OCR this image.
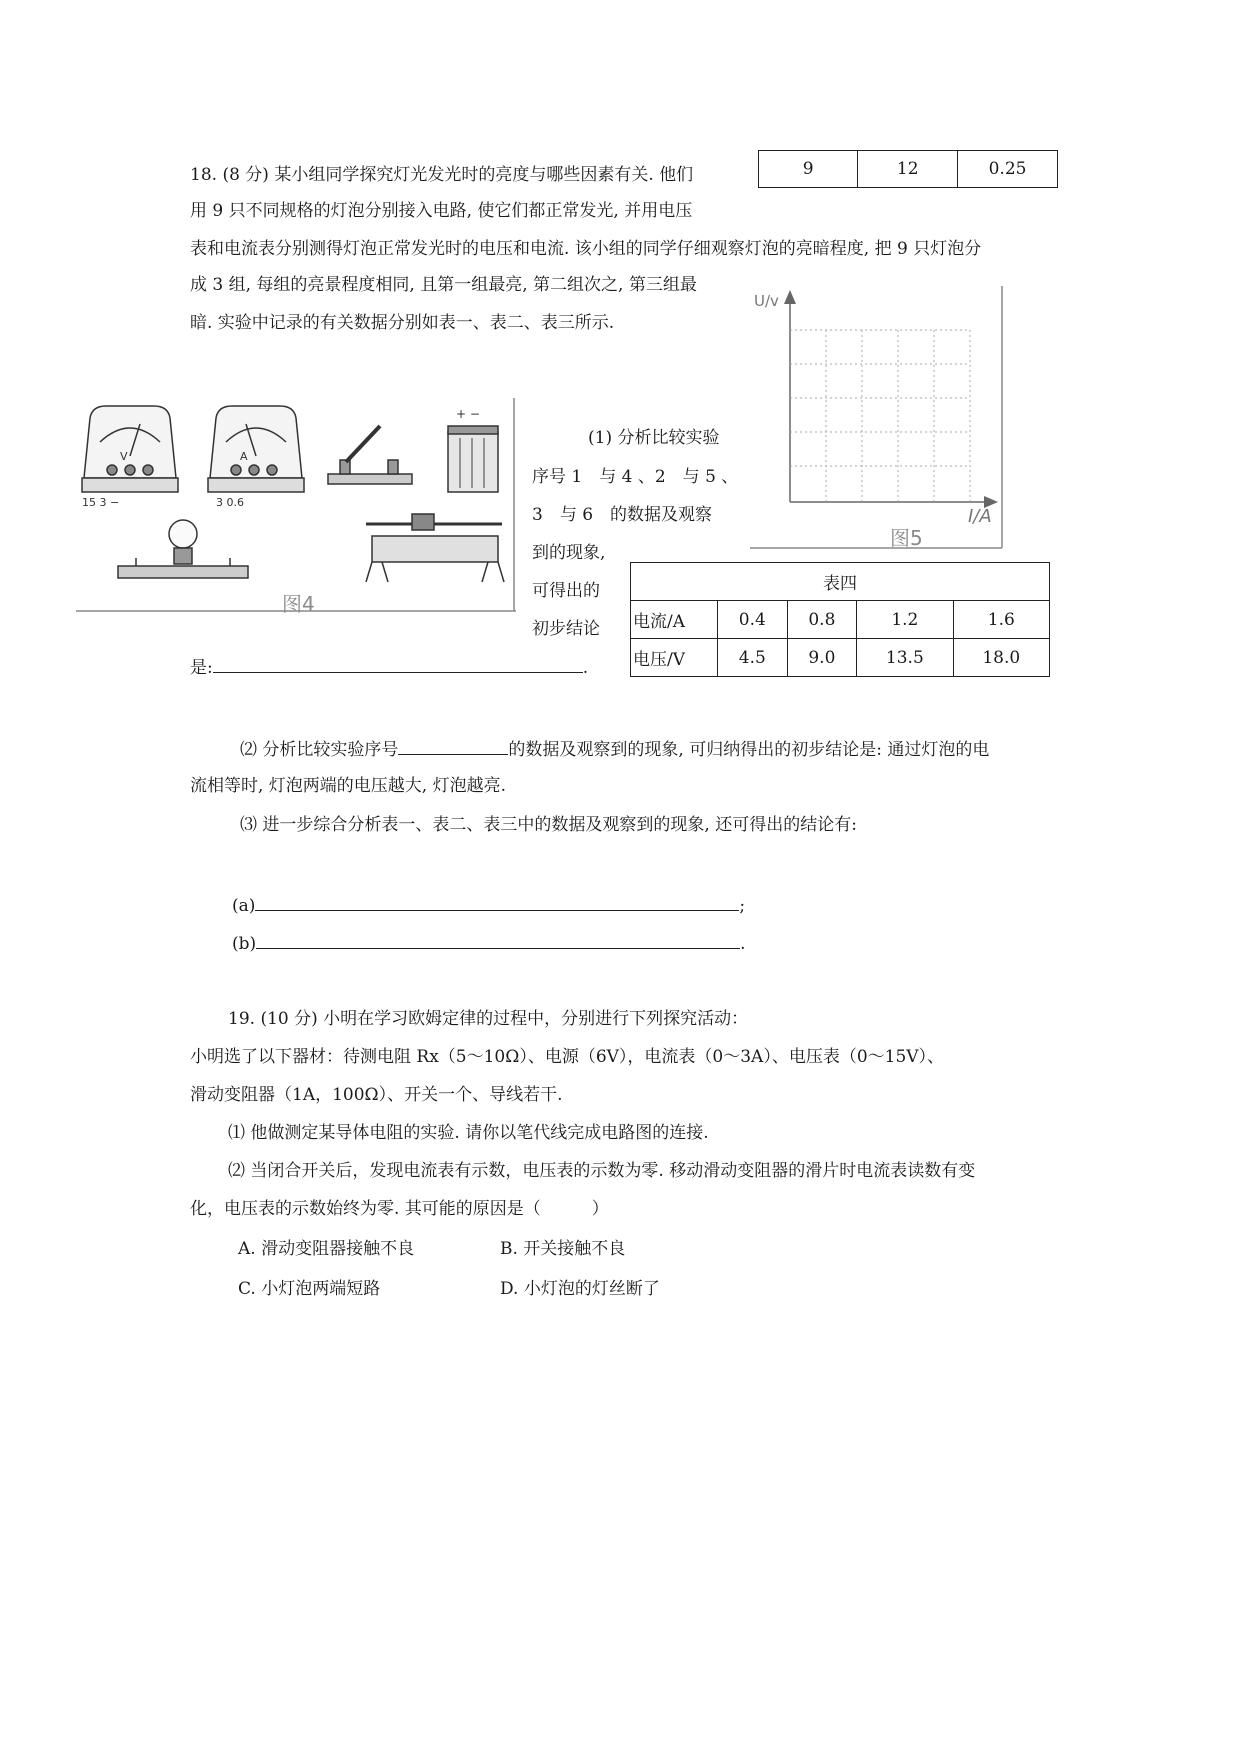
18. (8 分) 某小组同学探究灯光发光时的亮度与哪些因素有关. 他们
用 9 只不同规格的灯泡分别接入电路, 使它们都正常发光, 并用电压
表和电流表分别测得灯泡正常发光时的电压和电流. 该小组的同学仔细观察灯泡的亮暗程度, 把 9 只灯泡分
成 3 组, 每组的亮景程度相同, 且第一组最亮, 第二组次之, 第三组最
暗. 实验中记录的有关数据分别如表一、表二、表三所示.
9	12	0.25
V
15 3 −
A
3 0.6
+ −
图4
(1) 分析比较实验
序号 1　与 4 、2　与 5 、
3　与 6　的数据及观察
到的现象,
可得出的
初步结论
是:	.
U/v
I/A
图5
表四				
电流/A	0.4	0.8	1.2	1.6
电压/V	4.5	9.0	13.5	18.0
⑵ 分析比较实验序号	的数据及观察到的现象, 可归纳得出的初步结论是: 通过灯泡的电
流相等时, 灯泡两端的电压越大, 灯泡越亮.
⑶ 进一步综合分析表一、表二、表三中的数据及观察到的现象, 还可得出的结论有:
(a)	;
(b)	.
19. (10 分) 小明在学习欧姆定律的过程中，分别进行下列探究活动：
小明选了以下器材：待测电阻 Rx（5～10Ω）、电源（6V），电流表（0～3A）、电压表（0～15V）、
滑动变阻器（1A，100Ω）、开关一个、导线若干.
⑴ 他做测定某导体电阻的实验. 请你以笔代线完成电路图的连接.
⑵ 当闭合开关后，发现电流表有示数，电压表的示数为零. 移动滑动变阻器的滑片时电流表读数有变
化，电压表的示数始终为零. 其可能的原因是（　　　）
A. 滑动变阻器接触不良	B. 开关接触不良
C. 小灯泡两端短路	D. 小灯泡的灯丝断了
